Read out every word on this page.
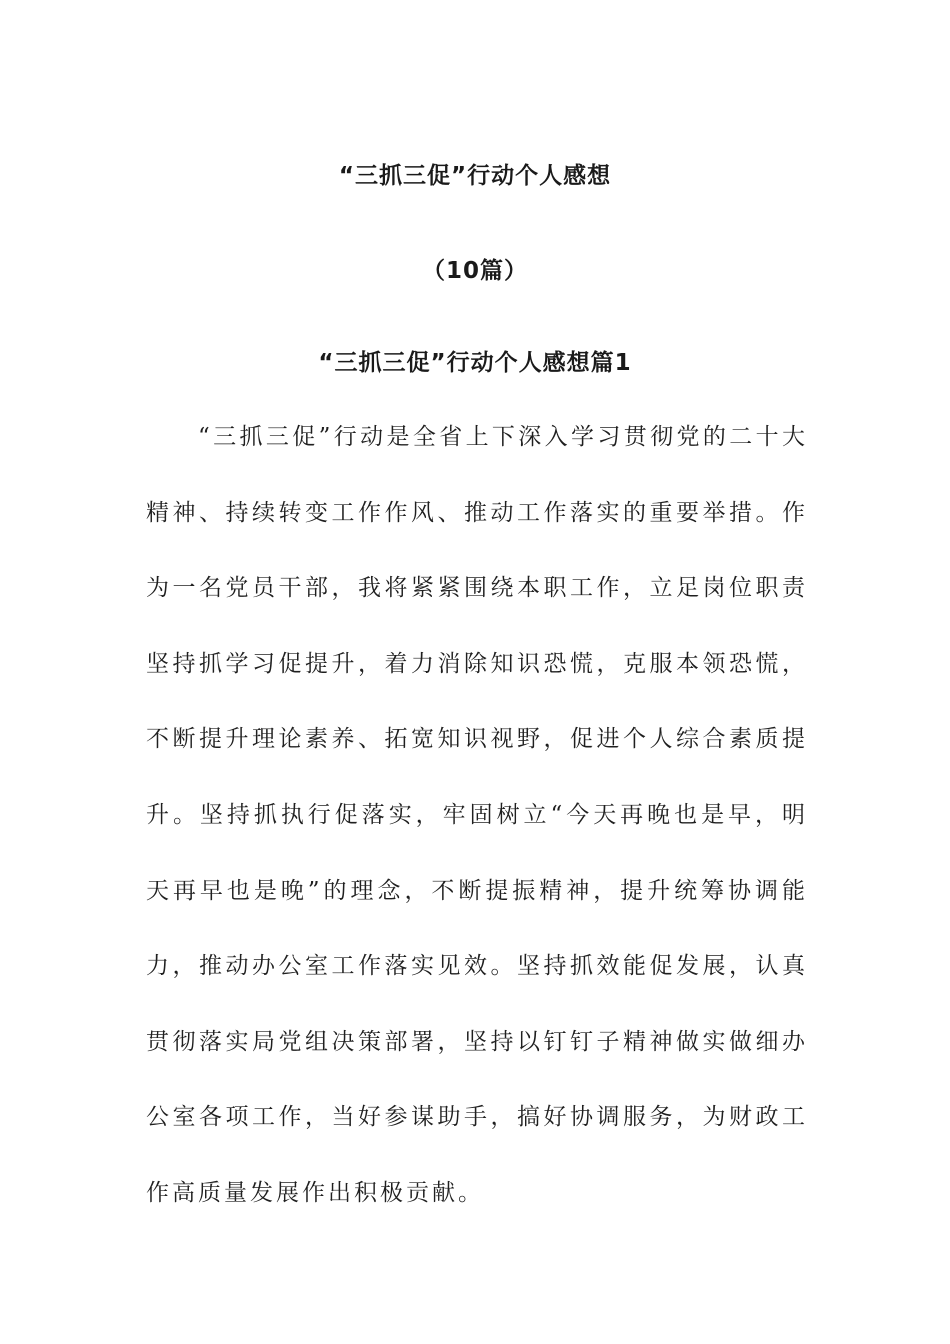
“三抓三促”行动个人感想
（10篇）
“三抓三促”行动个人感想篇1

“三抓三促”行动是全省上下深入学习贯彻党的二十大精神、持续转变工作作风、推动工作落实的重要举措。作为一名党员干部，我将紧紧围绕本职工作，立足岗位职责坚持抓学习促提升，着力消除知识恐慌，克服本领恐慌，不断提升理论素养、拓宽知识视野，促进个人综合素质提升。坚持抓执行促落实，牢固树立“今天再晚也是早，明天再早也是晚”的理念，不断提振精神，提升统筹协调能力，推动办公室工作落实见效。坚持抓效能促发展，认真贯彻落实局党组决策部署，坚持以钉钉子精神做实做细办公室各项工作，当好参谋助手，搞好协调服务，为财政工作高质量发展作出积极贡献。
